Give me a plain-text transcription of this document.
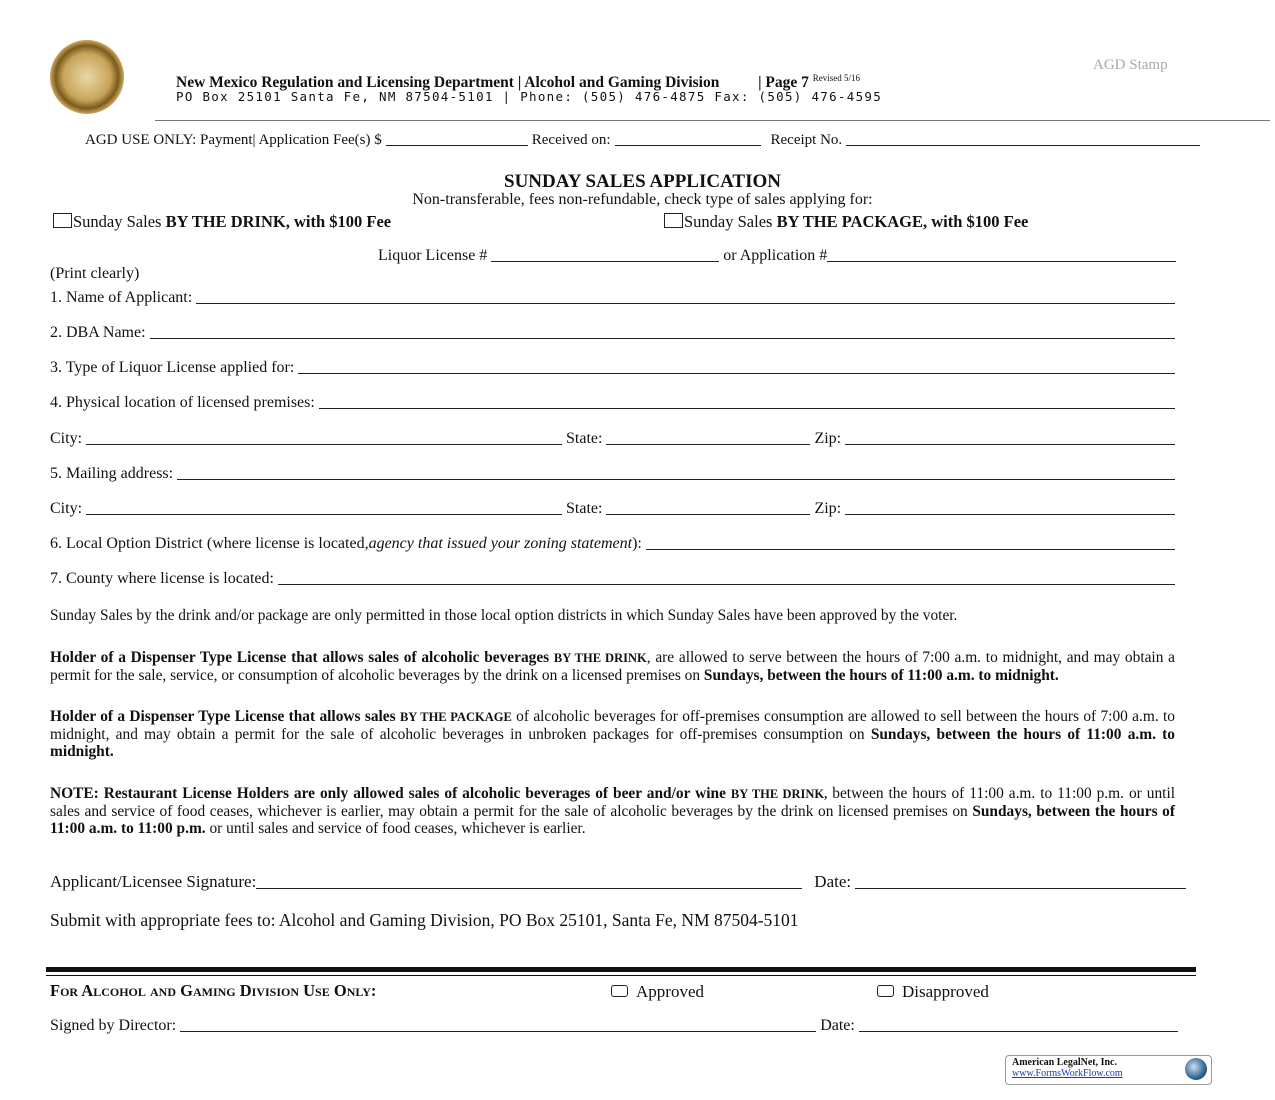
New Mexico Regulation and Licensing Department | Alcohol and Gaming Division	| Page 7 $^{Revised 5/16}$
PO Box 25101 Santa Fe, NM 87504-5101 | Phone: (505) 476-4875 Fax: (505) 476-4595
AGD Stamp
AGD USE ONLY: Payment| Application Fee(s) $	Received on:	Receipt No.
SUNDAY SALES APPLICATION
Non-transferable, fees non-refundable, check type of sales applying for:
Sunday Sales BY THE DRINK, with $100 Fee	Sunday Sales BY THE PACKAGE, with $100 Fee
Liquor License #	or Application #
(Print clearly)
1. Name of Applicant:
2. DBA Name:
3. Type of Liquor License applied for:
4. Physical location of licensed premises:
City:	State:	Zip:
5. Mailing address:
City:	State:	Zip:
6. Local Option District (where license is located, agency that issued your zoning statement ):
7. County where license is located:
Sunday Sales by the drink and/or package are only permitted in those local option districts in which Sunday Sales have been approved by the voter.
Holder of a Dispenser Type License that allows sales of alcoholic beverages BY THE DRINK, are allowed to serve between the hours of 7:00 a.m. to midnight, and may obtain a permit for the sale, service, or consumption of alcoholic beverages by the drink on a licensed premises on Sundays, between the hours of 11:00 a.m. to midnight.
Holder of a Dispenser Type License that allows sales BY THE PACKAGE of alcoholic beverages for off-premises consumption are allowed to sell between the hours of 7:00 a.m. to midnight, and may obtain a permit for the sale of alcoholic beverages in unbroken packages for off-premises consumption on Sundays, between the hours of 11:00 a.m. to midnight.
NOTE: Restaurant License Holders are only allowed sales of alcoholic beverages of beer and/or wine BY THE DRINK, between the hours of 11:00 a.m. to 11:00 p.m. or until sales and service of food ceases, whichever is earlier, may obtain a permit for the sale of alcoholic beverages by the drink on licensed premises on Sundays, between the hours of 11:00 a.m. to 11:00 p.m. or until sales and service of food ceases, whichever is earlier.
Applicant/Licensee Signature:	Date:
Submit with appropriate fees to: Alcohol and Gaming Division, PO Box 25101, Santa Fe, NM 87504-5101
For Alcohol and Gaming Division Use Only:	Approved	Disapproved
Signed by Director:	Date:
American LegalNet, Inc.
www.FormsWorkFlow.com
